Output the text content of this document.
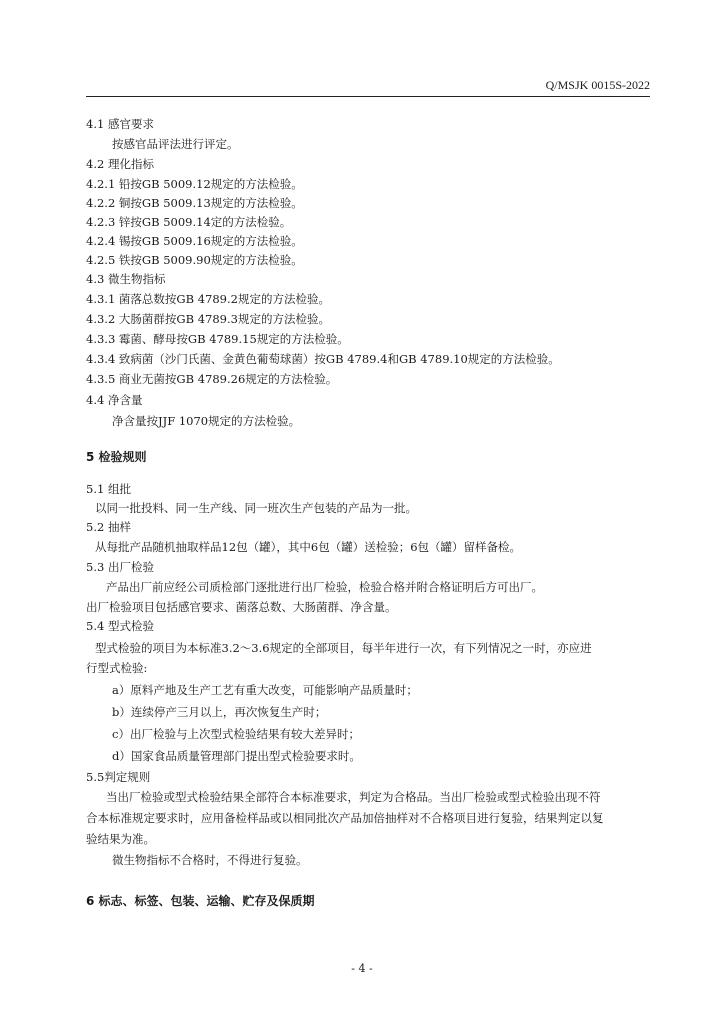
Q/MSJK 0015S-2022
4.1 感官要求
按感官品评法进行评定。
4.2 理化指标
4.2.1 铅按GB 5009.12规定的方法检验。
4.2.2 铜按GB 5009.13规定的方法检验。
4.2.3 锌按GB 5009.14定的方法检验。
4.2.4 锡按GB 5009.16规定的方法检验。
4.2.5 铁按GB 5009.90规定的方法检验。
4.3 微生物指标
4.3.1 菌落总数按GB 4789.2规定的方法检验。
4.3.2 大肠菌群按GB 4789.3规定的方法检验。
4.3.3 霉菌、酵母按GB 4789.15规定的方法检验。
4.3.4 致病菌（沙门氏菌、金黄色葡萄球菌）按GB 4789.4和GB 4789.10规定的方法检验。
4.3.5 商业无菌按GB 4789.26规定的方法检验。
4.4 净含量
净含量按JJF 1070规定的方法检验。
5 检验规则
5.1 组批
以同一批投料、同一生产线、同一班次生产包装的产品为一批。
5.2 抽样
从每批产品随机抽取样品12包（罐），其中6包（罐）送检验；6包（罐）留样备检。
5.3 出厂检验
产品出厂前应经公司质检部门逐批进行出厂检验，检验合格并附合格证明后方可出厂。
出厂检验项目包括感官要求、菌落总数、大肠菌群、净含量。
5.4 型式检验
型式检验的项目为本标准3.2～3.6规定的全部项目，每半年进行一次，有下列情况之一时，亦应进
行型式检验:
a）原料产地及生产工艺有重大改变，可能影响产品质量时；
b）连续停产三月以上，再次恢复生产时；
c）出厂检验与上次型式检验结果有较大差异时；
d）国家食品质量管理部门提出型式检验要求时。
5.5判定规则
当出厂检验或型式检验结果全部符合本标准要求，判定为合格品。当出厂检验或型式检验出现不符
合本标准规定要求时，应用备检样品或以相同批次产品加倍抽样对不合格项目进行复验，结果判定以复
验结果为准。
微生物指标不合格时，不得进行复验。
6 标志、标签、包装、运输、贮存及保质期
- 4 -
